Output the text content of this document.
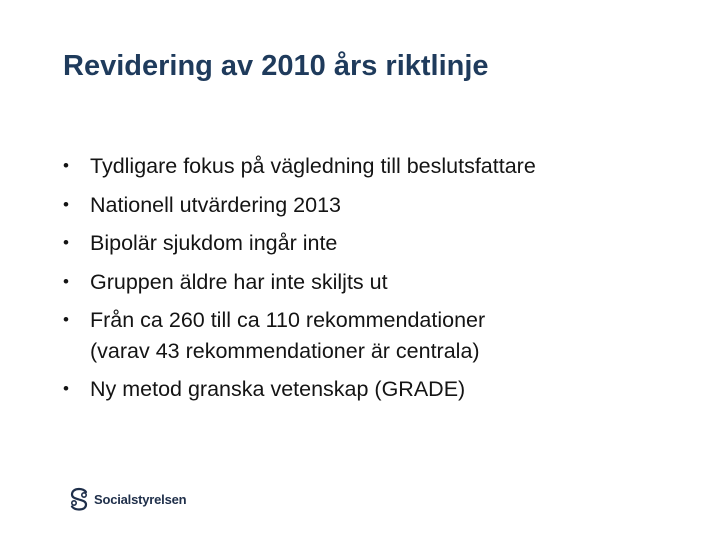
Revidering av 2010 års riktlinje
• Tydligare fokus på vägledning till beslutsfattare
• Nationell utvärdering 2013
• Bipolär sjukdom ingår inte
• Gruppen äldre har inte skiljts ut
• Från ca 260 till ca 110 rekommendationer
(varav 43 rekommendationer är centrala)
• Ny metod granska vetenskap (GRADE)
Socialstyrelsen
